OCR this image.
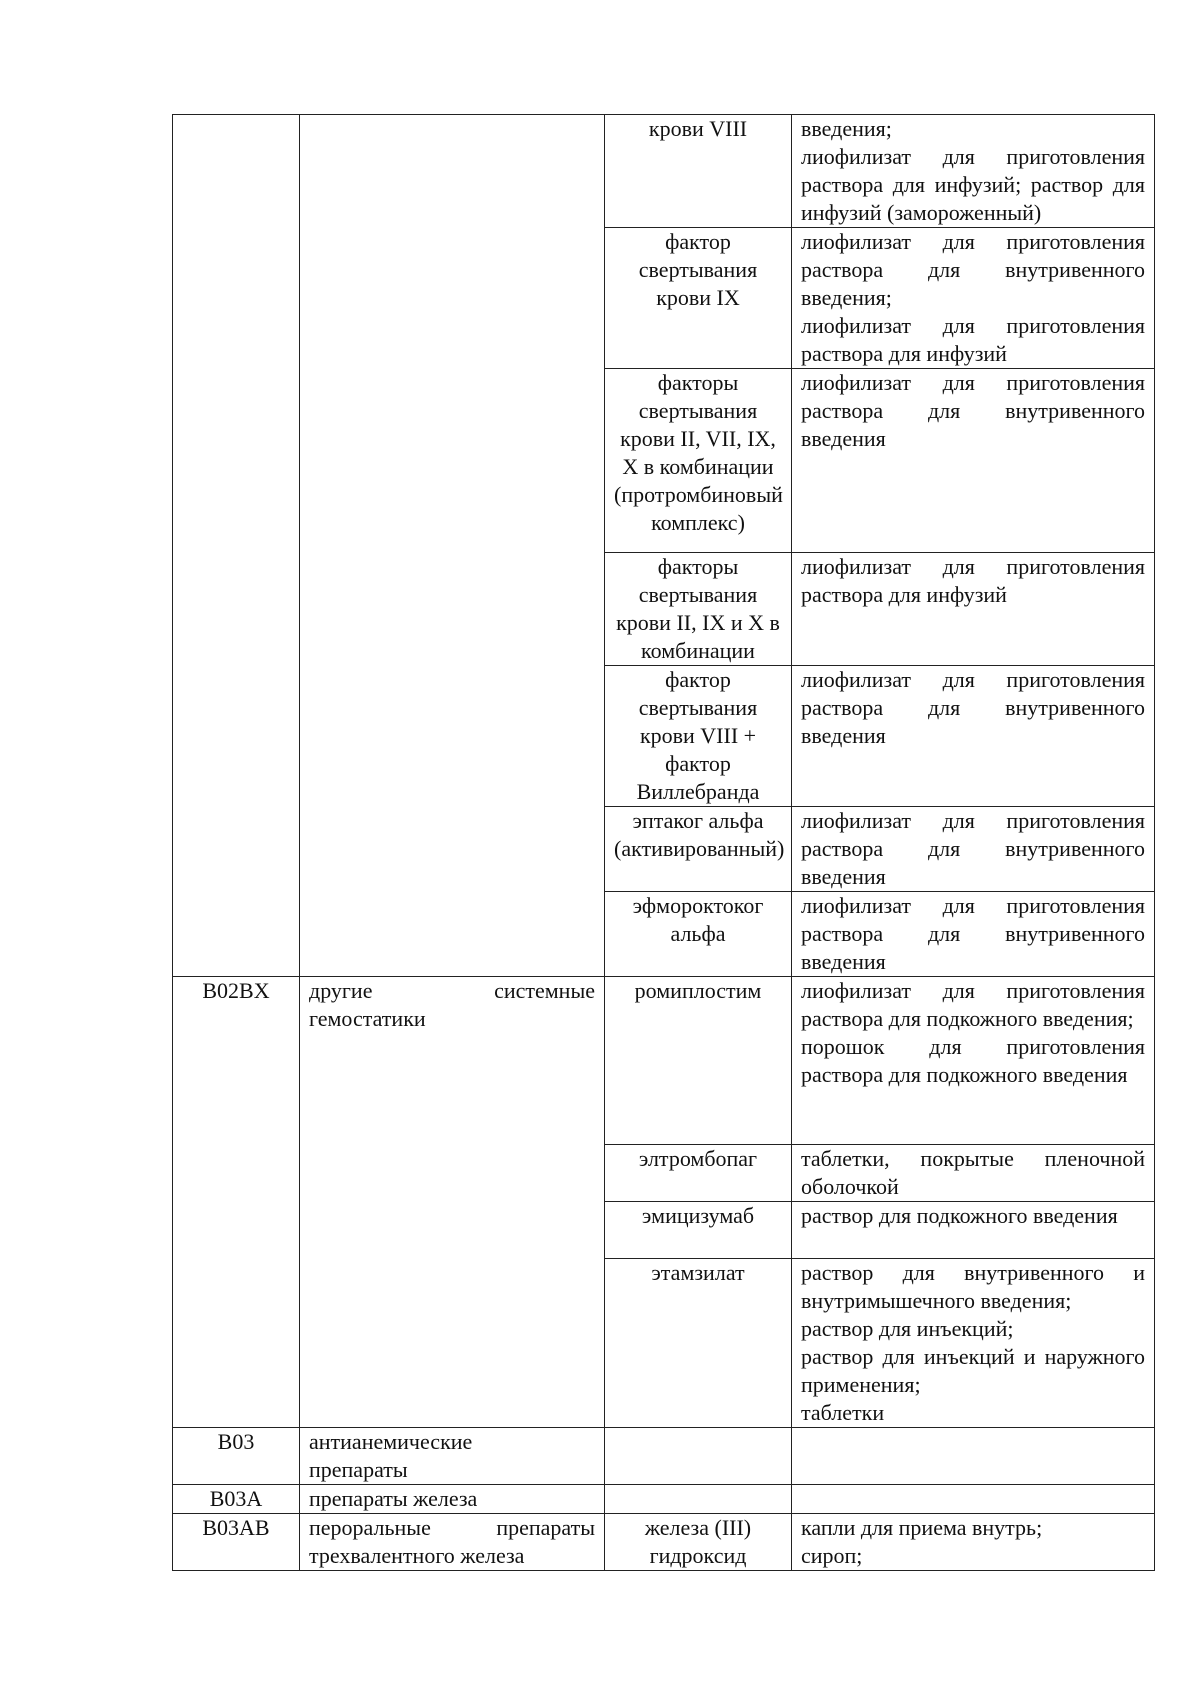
		крови VIII	введения;
лиофилизат для приготовления раствора для инфузий; раствор для инфузий (замороженный)

		фактор свертывания крови IX	лиофилизат для приготовления раствора для внутривенного введения;
лиофилизат для приготовления раствора для инфузий

		факторы свертывания крови II, VII, IX, X в комбинации (протромбиновый комплекс)	лиофилизат для приготовления раствора для внутривенного введения

		факторы свертывания крови II, IX и X в комбинации	лиофилизат для приготовления раствора для инфузий

		фактор свертывания крови VIII + фактор Виллебранда	лиофилизат для приготовления раствора для внутривенного введения

		эптаког альфа (активированный)	лиофилизат для приготовления раствора для внутривенного введения

		эфмороктоког альфа	лиофилизат для приготовления раствора для внутривенного введения

B02BX	другие системные гемостатики	ромиплостим	лиофилизат для приготовления раствора для подкожного введения;
порошок для приготовления раствора для подкожного введения

		элтромбопаг	таблетки, покрытые пленочной оболочкой

		эмицизумаб	раствор для подкожного введения

		этамзилат	раствор для внутривенного и внутримышечного введения;
раствор для инъекций;
раствор для инъекций и наружного применения;
таблетки

B03	антианемические препараты		

B03A	препараты железа		
B03AB	пероральные препараты трехвалентного железа	железа (III) гидроксид	капли для приема внутрь;
сироп;
